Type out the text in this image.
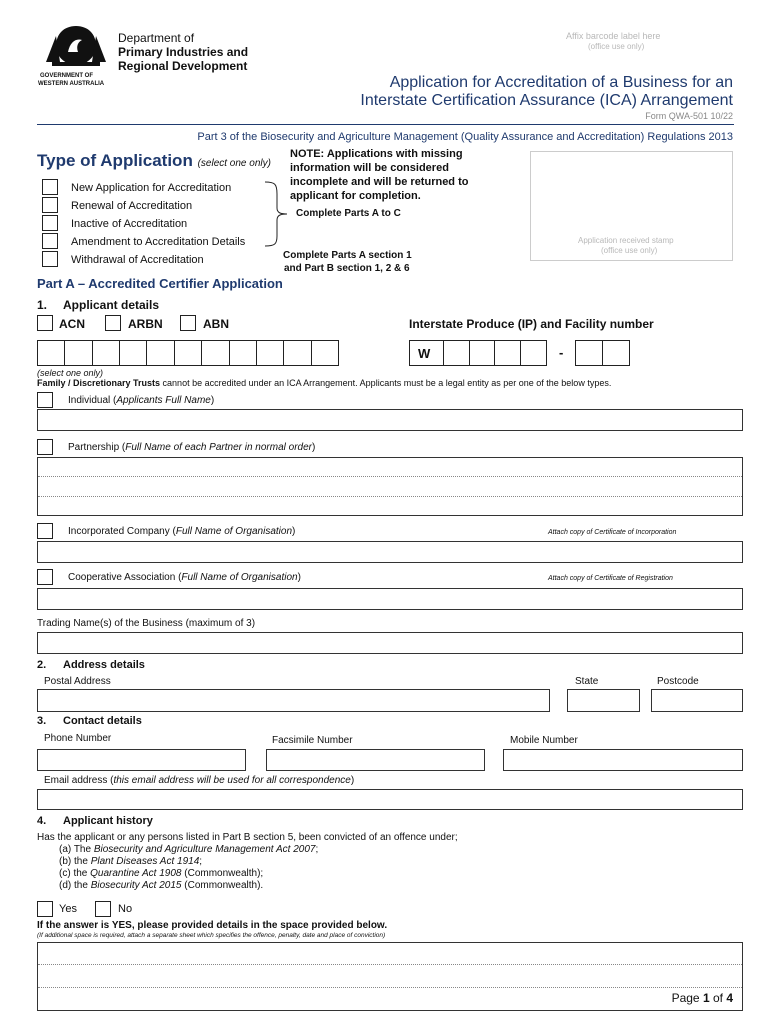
GOVERNMENT OF
WESTERN AUSTRALIA
Department of
Primary Industries and
Regional Development
Affix barcode label here
(office use only)
Application for Accreditation of a Business for an
Interstate Certification Assurance (ICA) Arrangement
Form QWA-501 10/22
Part 3 of the Biosecurity and Agriculture Management (Quality Assurance and Accreditation) Regulations 2013
Type of Application (select one only)
New Application for Accreditation
Renewal of Accreditation
Inactive of Accreditation
Amendment to Accreditation Details
Withdrawal of Accreditation
NOTE: Applications with missing
information will be considered
incomplete and will be returned to
applicant for completion.
Complete Parts A to C
Complete Parts A section 1
and Part B section 1, 2 & 6
Application received stamp
(office use only)
Part A – Accredited Certifier Application
1. Applicant details
ACN	ARBN	ABN	Interstate Produce (IP) and Facility number
W	-
(select one only)
Family / Discretionary Trusts cannot be accredited under an ICA Arrangement. Applicants must be a legal entity as per one of the below types.
Individual (Applicants Full Name)
Partnership (Full Name of each Partner in normal order)
Incorporated Company (Full Name of Organisation)	Attach copy of Certificate of Incorporation
Cooperative Association (Full Name of Organisation)	Attach copy of Certificate of Registration
Trading Name(s) of the Business (maximum of 3)
2. Address details
Postal Address	State	Postcode
3. Contact details
Phone Number	Facsimile Number	Mobile Number
Email address (this email address will be used for all correspondence)
4. Applicant history
Has the applicant or any persons listed in Part B section 5, been convicted of an offence under;
(a) The Biosecurity and Agriculture Management Act 2007;
(b) the Plant Diseases Act 1914;
(c) the Quarantine Act 1908 (Commonwealth);
(d) the Biosecurity Act 2015 (Commonwealth).
Yes	No
If the answer is YES, please provided details in the space provided below.
(If additional space is required, attach a separate sheet which specifies the offence, penalty, date and place of conviction)
Page 1 of 4
